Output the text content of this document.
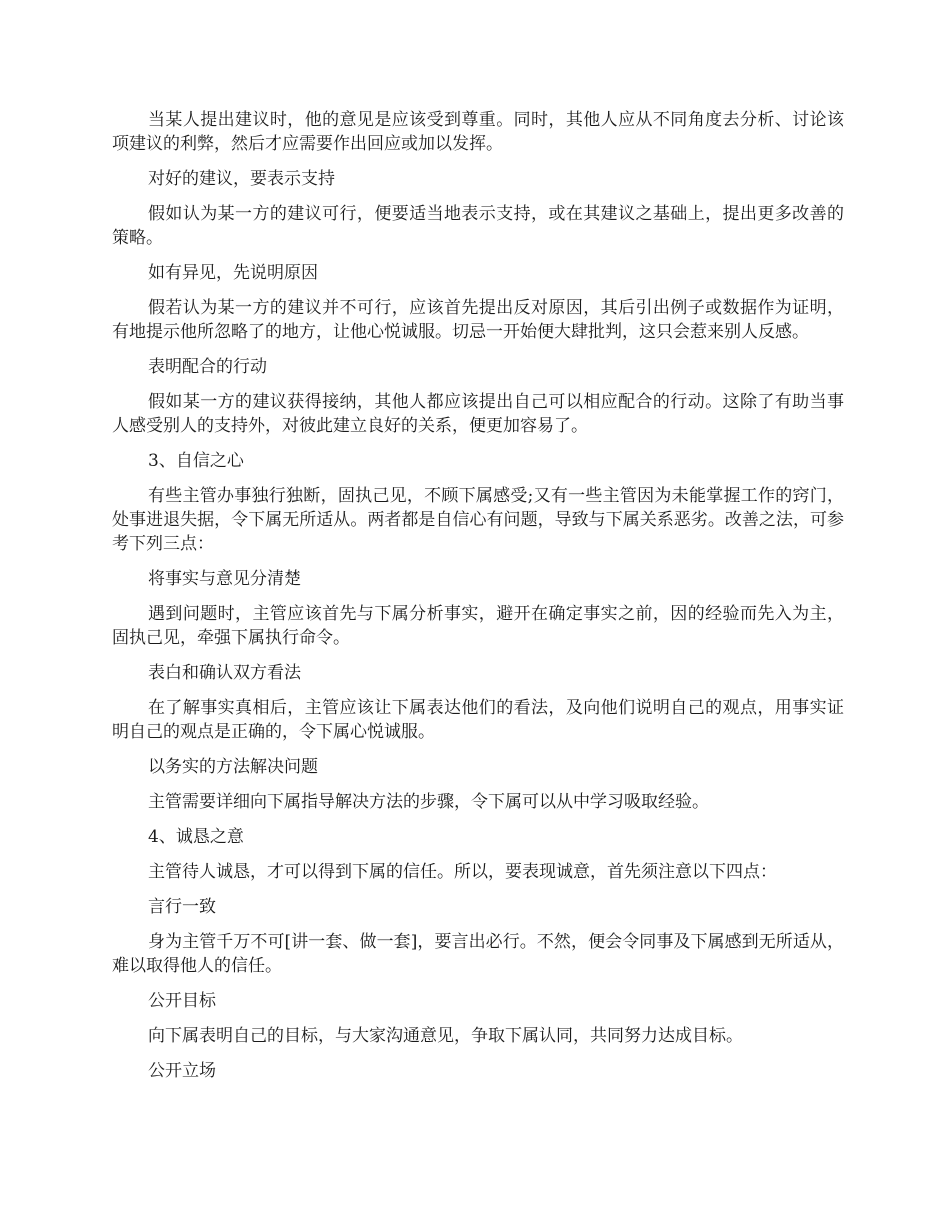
当某人提出建议时，他的意见是应该受到尊重。同时，其他人应从不同角度去分析、讨论该项建议的利弊，然后才应需要作出回应或加以发挥。

对好的建议，要表示支持

假如认为某一方的建议可行，便要适当地表示支持，或在其建议之基础上，提出更多改善的策略。

如有异见，先说明原因

假若认为某一方的建议并不可行，应该首先提出反对原因，其后引出例子或数据作为证明，有地提示他所忽略了的地方，让他心悦诚服。切忌一开始便大肆批判，这只会惹来别人反感。

表明配合的行动

假如某一方的建议获得接纳，其他人都应该提出自己可以相应配合的行动。这除了有助当事人感受别人的支持外，对彼此建立良好的关系，便更加容易了。

3、自信之心

有些主管办事独行独断，固执己见，不顾下属感受;又有一些主管因为未能掌握工作的窍门，处事进退失据，令下属无所适从。两者都是自信心有问题，导致与下属关系恶劣。改善之法，可参考下列三点：

将事实与意见分清楚

遇到问题时，主管应该首先与下属分析事实，避开在确定事实之前，因的经验而先入为主，固执己见，牵强下属执行命令。

表白和确认双方看法

在了解事实真相后，主管应该让下属表达他们的看法，及向他们说明自己的观点，用事实证明自己的观点是正确的，令下属心悦诚服。

以务实的方法解决问题

主管需要详细向下属指导解决方法的步骤，令下属可以从中学习吸取经验。

4、诚恳之意

主管待人诚恳，才可以得到下属的信任。所以，要表现诚意，首先须注意以下四点：

言行一致

身为主管千万不可[讲一套、做一套]，要言出必行。不然，便会令同事及下属感到无所适从，难以取得他人的信任。

公开目标

向下属表明自己的目标，与大家沟通意见，争取下属认同，共同努力达成目标。

公开立场
